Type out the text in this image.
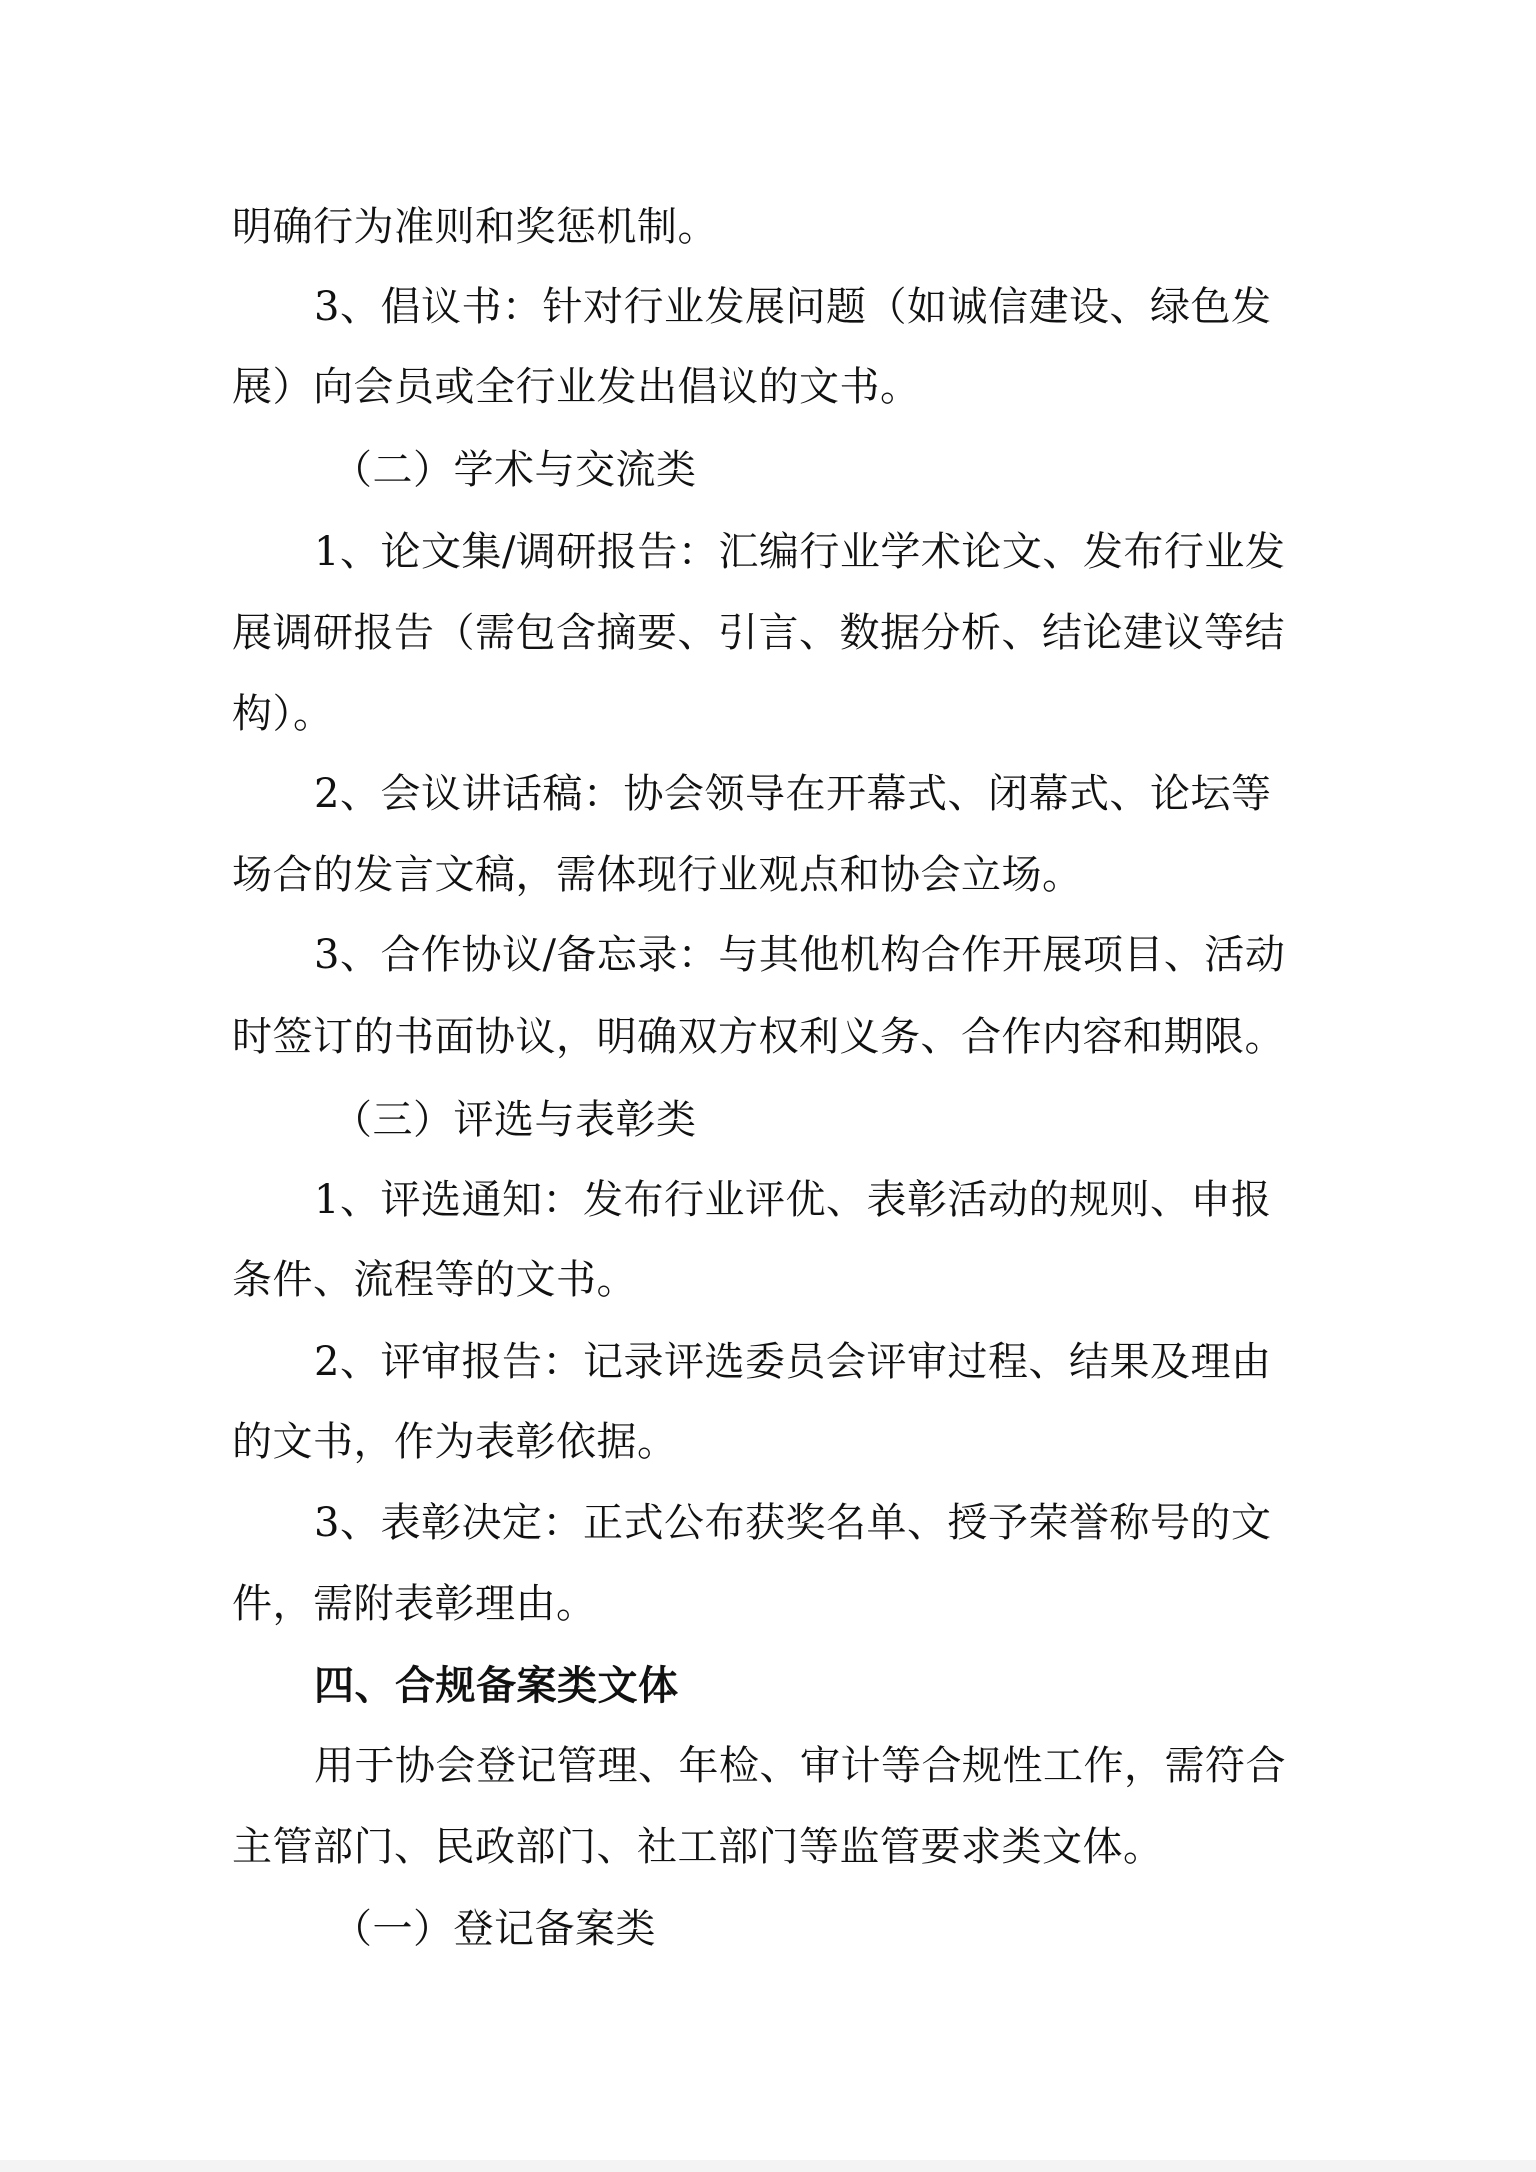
明确行为准则和奖惩机制。
3、倡议书：针对行业发展问题（如诚信建设、绿色发
展）向会员或全行业发出倡议的文书。
（二）学术与交流类
1、论文集/调研报告：汇编行业学术论文、发布行业发
展调研报告（需包含摘要、引言、数据分析、结论建议等结
构）。
2、会议讲话稿：协会领导在开幕式、闭幕式、论坛等
场合的发言文稿，需体现行业观点和协会立场。
3、合作协议/备忘录：与其他机构合作开展项目、活动
时签订的书面协议，明确双方权利义务、合作内容和期限。
（三）评选与表彰类
1、评选通知：发布行业评优、表彰活动的规则、申报
条件、流程等的文书。
2、评审报告：记录评选委员会评审过程、结果及理由
的文书，作为表彰依据。
3、表彰决定：正式公布获奖名单、授予荣誉称号的文
件，需附表彰理由。
四、合规备案类文体
用于协会登记管理、年检、审计等合规性工作，需符合
主管部门、民政部门、社工部门等监管要求类文体。
（一）登记备案类
